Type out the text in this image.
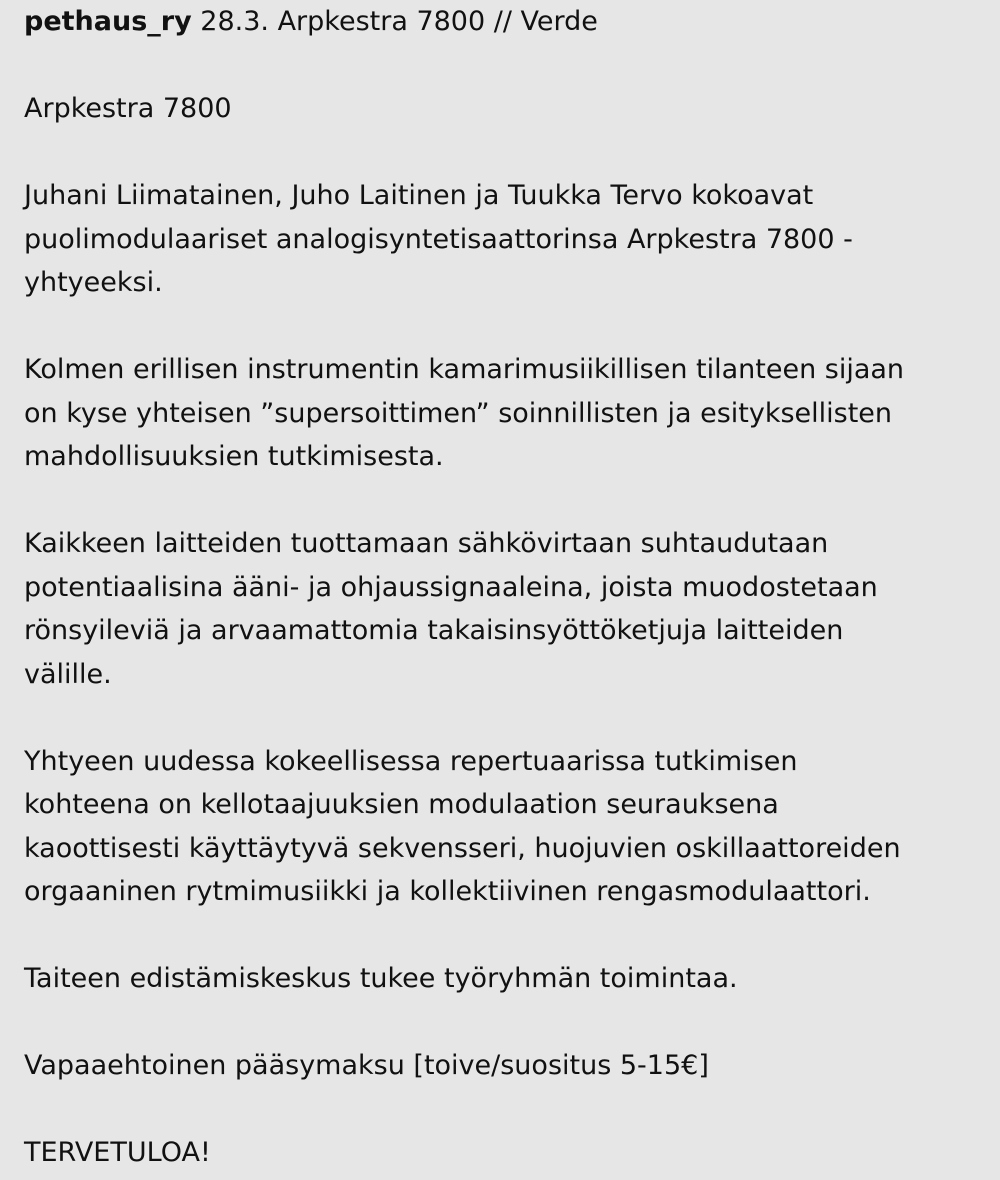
pethaus_ry 28.3. Arpkestra 7800 // Verde

Arpkestra 7800

Juhani Liimatainen, Juho Laitinen ja Tuukka Tervo kokoavat

puolimodulaariset analogisyntetisaattorinsa Arpkestra 7800 -

yhtyeeksi.

Kolmen erillisen instrumentin kamarimusiikillisen tilanteen sijaan

on kyse yhteisen ”supersoittimen” soinnillisten ja esityksellisten

mahdollisuuksien tutkimisesta.

Kaikkeen laitteiden tuottamaan sähkövirtaan suhtaudutaan

potentiaalisina ääni- ja ohjaussignaaleina, joista muodostetaan

rönsyileviä ja arvaamattomia takaisinsyöttöketjuja laitteiden

välille.

Yhtyeen uudessa kokeellisessa repertuaarissa tutkimisen

kohteena on kellotaajuuksien modulaation seurauksena

kaoottisesti käyttäytyvä sekvensseri, huojuvien oskillaattoreiden

orgaaninen rytmimusiikki ja kollektiivinen rengasmodulaattori.

Taiteen edistämiskeskus tukee työryhmän toimintaa.

Vapaaehtoinen pääsymaksu [toive/suositus 5-15€]

TERVETULOA!
